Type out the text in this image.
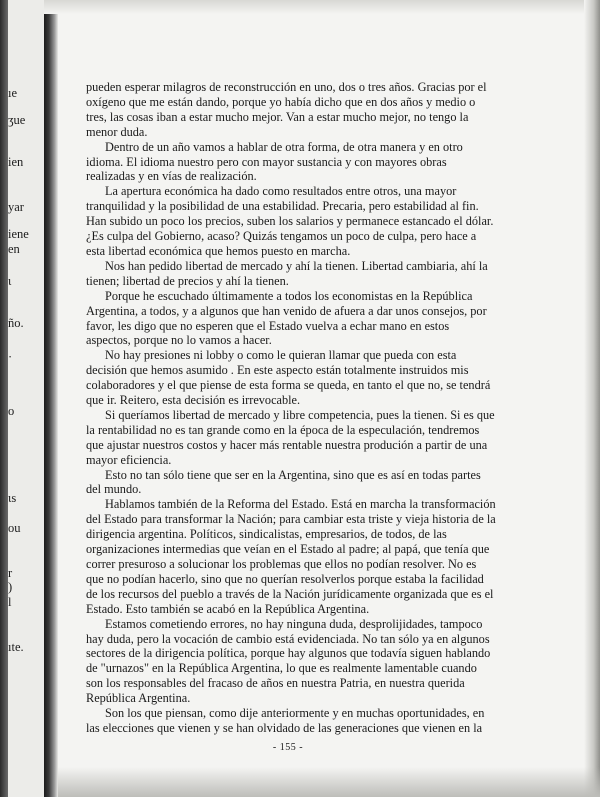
ıe
ʒue
ien
yar
iene
en
ι
ño.
·
o
ιs
ou
r
)
l
ıte.

pueden esperar milagros de reconstrucción en uno, dos o tres años. Gracias por el oxígeno que me están dando, porque yo había dicho que en dos años y medio o tres, las cosas iban a estar mucho mejor. Van a estar mucho mejor, no tengo la menor duda.

Dentro de un año vamos a hablar de otra forma, de otra manera y en otro idioma. El idioma nuestro pero con mayor sustancia y con mayores obras realizadas y en vías de realización.

La apertura económica ha dado como resultados entre otros, una mayor tranquilidad y la posibilidad de una estabilidad. Precaria, pero estabilidad al fin. Han subido un poco los precios, suben los salarios y permanece estancado el dólar. ¿Es culpa del Gobierno, acaso? Quizás tengamos un poco de culpa, pero hace a esta libertad económica que hemos puesto en marcha.

Nos han pedido libertad de mercado y ahí la tienen. Libertad cambiaria, ahí la tienen; libertad de precios y ahí la tienen.

Porque he escuchado últimamente a todos los economistas en la República Argentina, a todos, y a algunos que han venido de afuera a dar unos consejos, por favor, les digo que no esperen que el Estado vuelva a echar mano en estos aspectos, porque no lo vamos a hacer.

No hay presiones ni lobby o como le quieran llamar que pueda con esta decisión que hemos asumido . En este aspecto están totalmente instruidos mis colaboradores y el que piense de esta forma se queda, en tanto el que no, se tendrá que ir. Reitero, esta decisión es irrevocable.

Si queríamos libertad de mercado y libre competencia, pues la tienen. Si es que la rentabilidad no es tan grande como en la época de la especulación, tendremos que ajustar nuestros costos y hacer más rentable nuestra produción a partir de una mayor eficiencia.

Esto no tan sólo tiene que ser en la Argentina, sino que es así en todas partes del mundo.

Hablamos también de la Reforma del Estado. Está en marcha la transformación del Estado para transformar la Nación; para cambiar esta triste y vieja historia de la dirigencia argentina. Políticos, sindicalistas, empresarios, de todos, de las organizaciones intermedias que veían en el Estado al padre; al papá, que tenía que correr presuroso a solucionar los problemas que ellos no podían resolver. No es que no podían hacerlo, sino que no querían resolverlos porque estaba la facilidad de los recursos del pueblo a través de la Nación jurídicamente organizada que es el Estado. Esto también se acabó en la República Argentina.

Estamos cometiendo errores, no hay ninguna duda, desprolijidades, tampoco hay duda, pero la vocación de cambio está evidenciada. No tan sólo ya en algunos sectores de la dirigencia política, porque hay algunos que todavía siguen hablando de "urnazos" en la República Argentina, lo que es realmente lamentable cuando son los responsables del fracaso de años en nuestra Patria, en nuestra querida República Argentina.

Son los que piensan, como dije anteriormente y en muchas oportunidades, en las elecciones que vienen y se han olvidado de las generaciones que vienen en la

- 155 -
